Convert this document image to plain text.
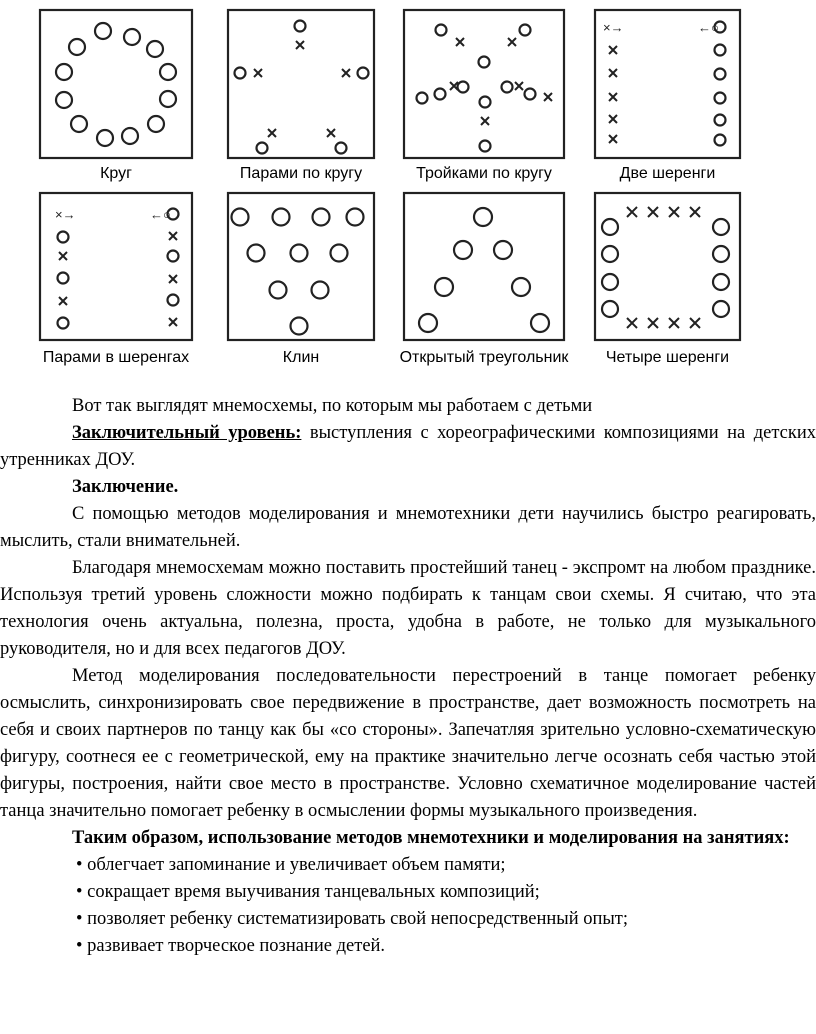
×→	←○
×→	←○
Круг	Парами по кругу	Тройками по кругу	Две шеренги
Парами в шеренгах	Клин	Открытый треугольник	Четыре шеренги

Вот так выглядят мнемосхемы, по которым мы работаем с детьми

Заключительный уровень: выступления с хореографическими композициями на детских утренниках ДОУ.

Заключение.

С помощью методов моделирования и мнемотехники дети научились быстро реагировать, мыслить, стали внимательней.

Благодаря мнемосхемам можно поставить простейший танец - экспромт на любом празднике. Используя третий уровень сложности можно подбирать к танцам свои схемы. Я считаю, что эта технология очень актуальна, полезна, проста, удобна в работе, не только для музыкального руководителя, но и для всех педагогов ДОУ.

Метод моделирования последовательности перестроений в танце помогает ребенку осмыслить, синхронизировать свое передвижение в пространстве, дает возможность посмотреть на себя и своих партнеров по танцу как бы «со стороны». Запечатляя зрительно условно-схематическую фигуру, соотнеся ее с геометрической, ему на практике значительно легче осознать себя частью этой фигуры, построения, найти свое место в пространстве. Условно схематичное моделирование частей танца значительно помогает ребенку в осмыслении формы музыкального произведения.

Таким образом, использование методов мнемотехники и моделирования на занятиях:

• облегчает запоминание и увеличивает объем памяти;

• сокращает время выучивания танцевальных композиций;

• позволяет ребенку систематизировать свой непосредственный опыт;

• развивает творческое познание детей.
